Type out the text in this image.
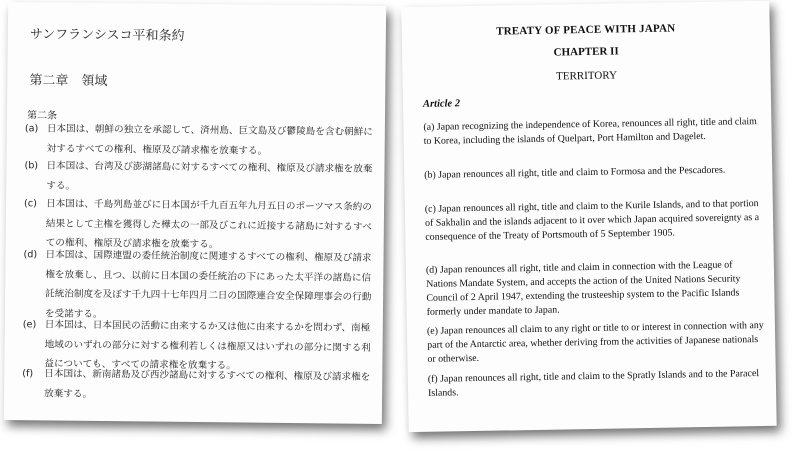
サンフランシスコ平和条約
第二章　領域
第二条
(a) 日本国は、朝鮮の独立を承認して、済州島、巨文島及び鬱陵島を含む朝鮮に対するすべての権利、権原及び請求権を放棄する。
(b) 日本国は、台湾及び澎湖諸島に対するすべての権利、権原及び請求権を放棄する。
(c) 日本国は、千島列島並びに日本国が千九百五年九月五日のポーツマス条約の結果として主権を獲得した樺太の一部及びこれに近接する諸島に対するすべての権利、権原及び請求権を放棄する。
(d) 日本国は、国際連盟の委任統治制度に関連するすべての権利、権原及び請求権を放棄し、且つ、以前に日本国の委任統治の下にあった太平洋の諸島に信託統治制度を及ぼす千九四十七年四月二日の国際連合安全保障理事会の行動を受諾する。
(e) 日本国は、日本国民の活動に由来するか又は他に由来するかを問わず、南極地域のいずれの部分に対する権利若しくは権原又はいずれの部分に関する利益についても、すべての請求権を放棄する。
(f) 日本国は、新南諸島及び西沙諸島に対するすべての権利、権原及び請求権を放棄する。
TREATY OF PEACE WITH JAPAN
CHAPTER II
TERRITORY
Article 2
(a) Japan recognizing the independence of Korea, renounces all right, title and claim to Korea, including the islands of Quelpart, Port Hamilton and Dagelet.
(b) Japan renounces all right, title and claim to Formosa and the Pescadores.
(c) Japan renounces all right, title and claim to the Kurile Islands, and to that portion of Sakhalin and the islands adjacent to it over which Japan acquired sovereignty as a consequence of the Treaty of Portsmouth of 5 September 1905.
(d) Japan renounces all right, title and claim in connection with the League of Nations Mandate System, and accepts the action of the United Nations Security Council of 2 April 1947, extending the trusteeship system to the Pacific Islands formerly under mandate to Japan.
(e) Japan renounces all claim to any right or title to or interest in connection with any part of the Antarctic area, whether deriving from the activities of Japanese nationals or otherwise.
(f) Japan renounces all right, title and claim to the Spratly Islands and to the Paracel Islands.
